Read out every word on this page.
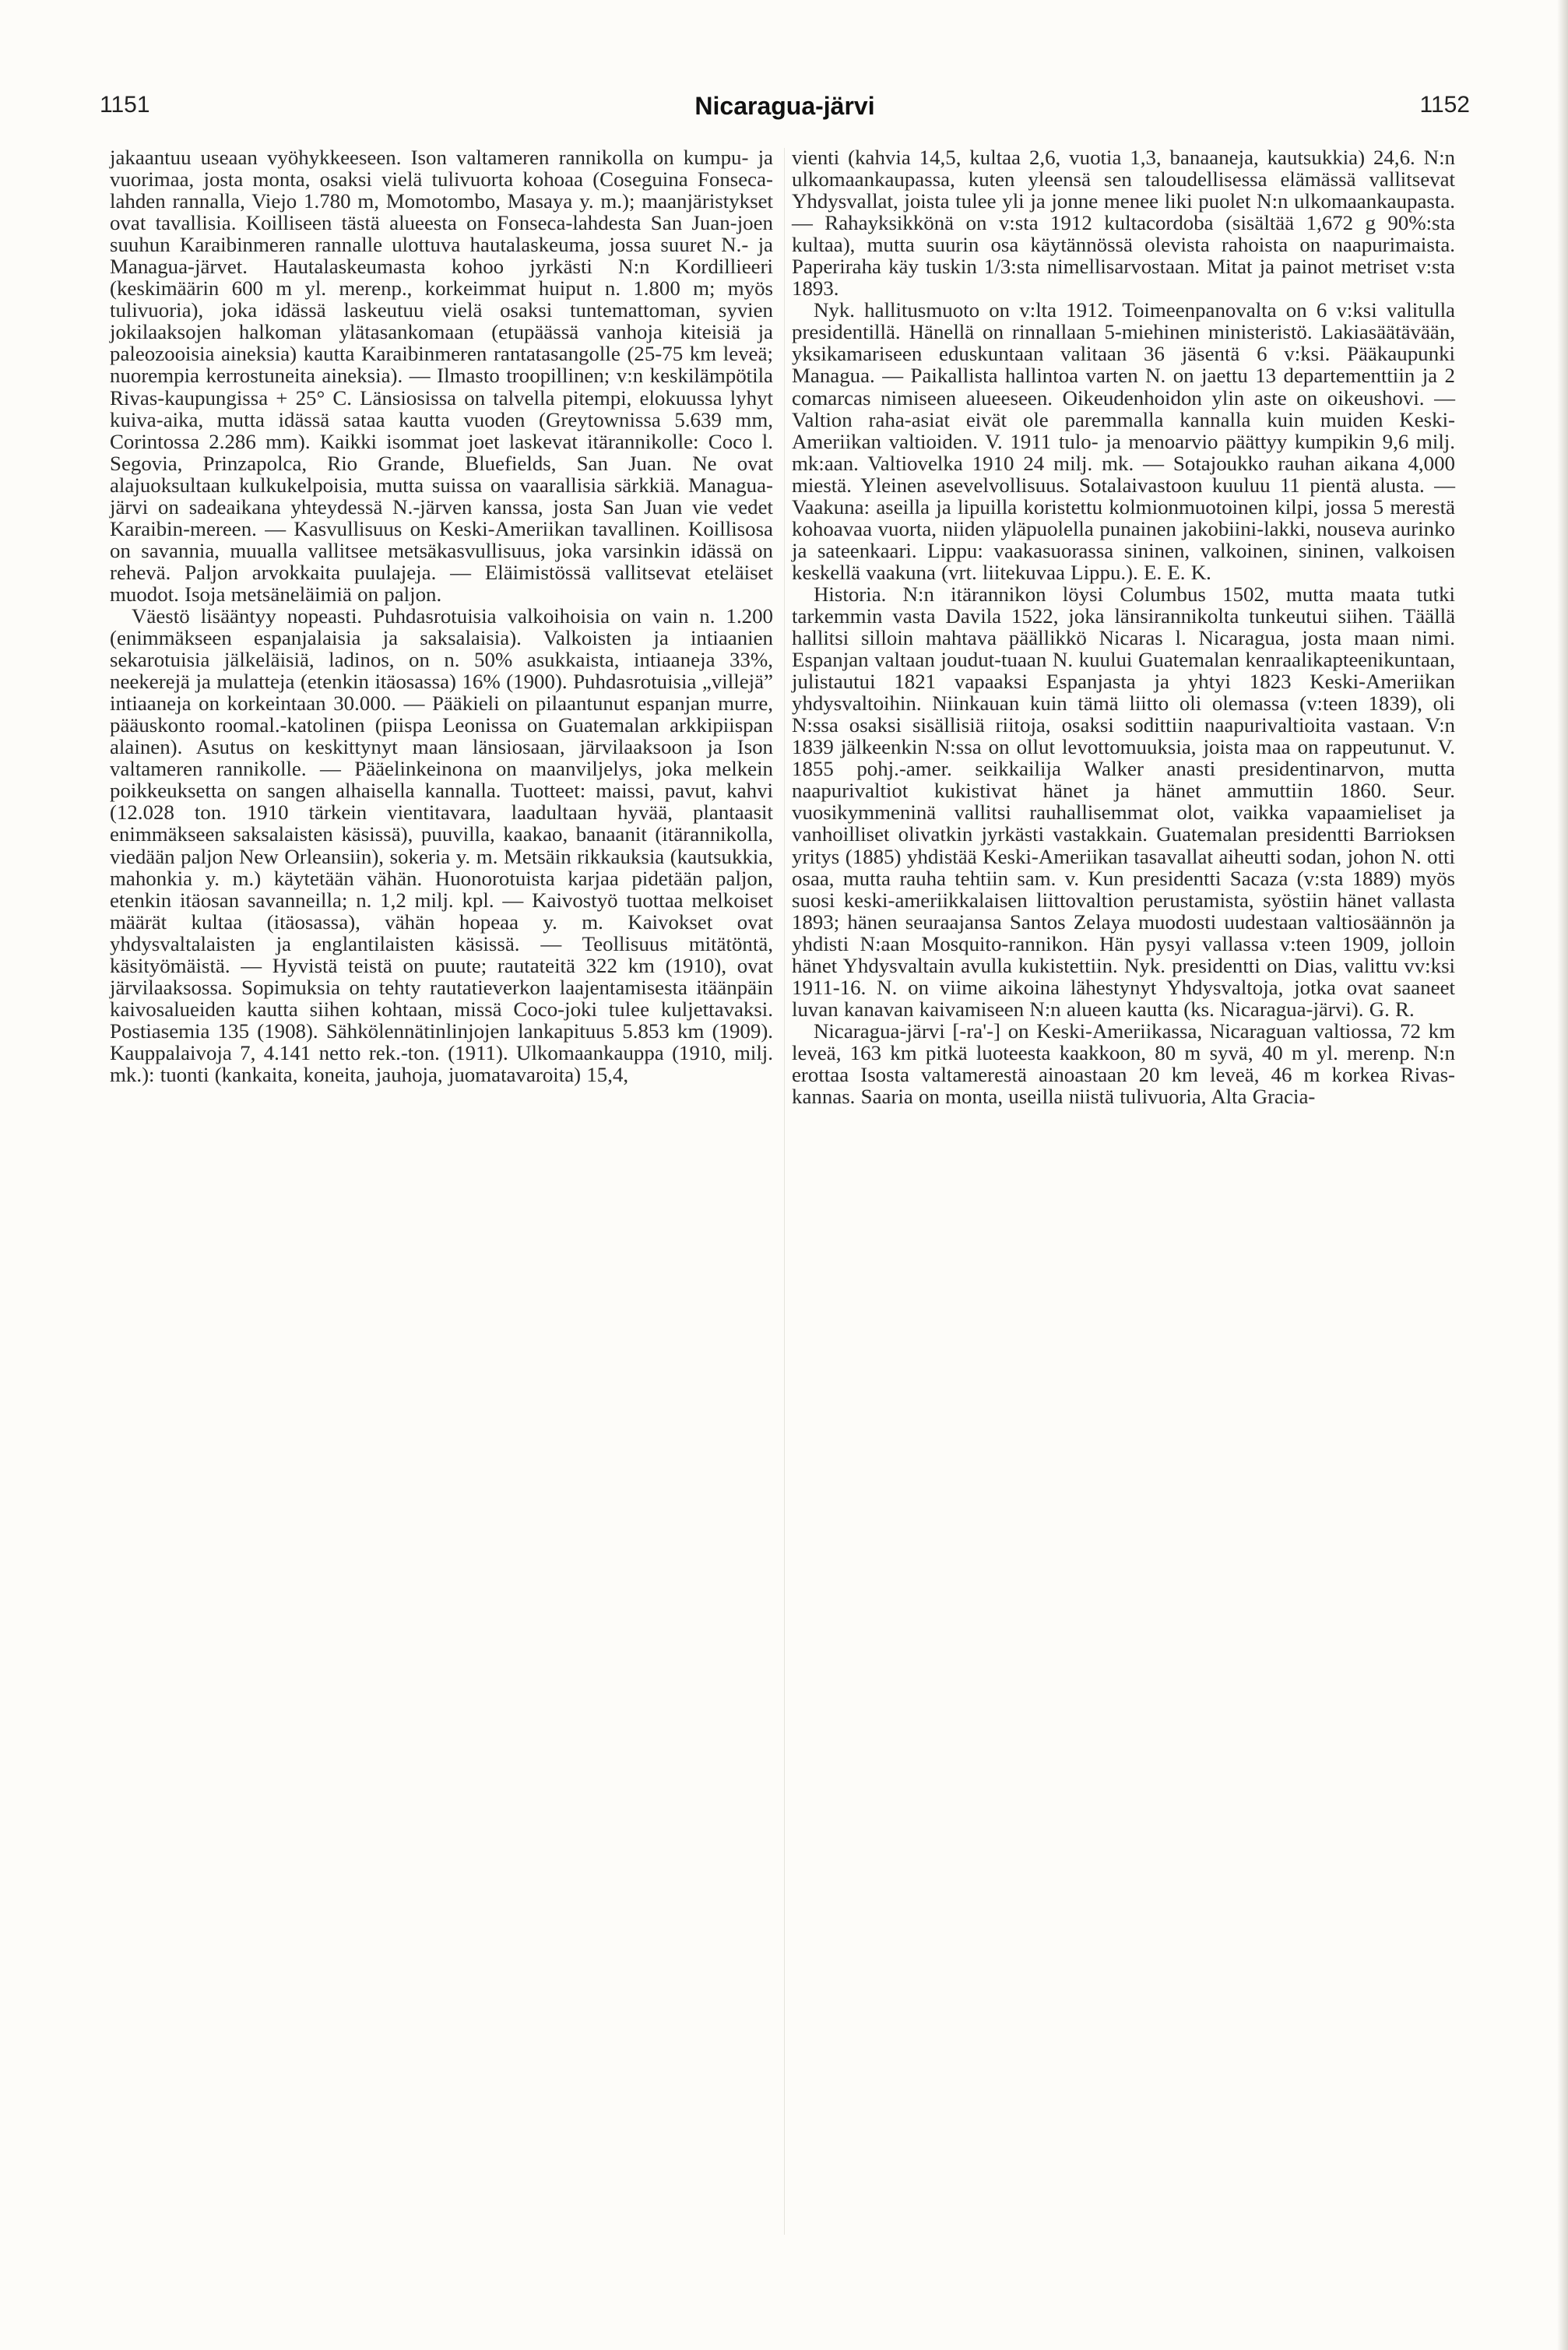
1151	Nicaragua-järvi	1152

jakaantuu useaan vyöhykkeeseen. Ison valtameren rannikolla on kumpu- ja vuorimaa, josta monta, osaksi vielä tulivuorta kohoaa (Coseguina Fonseca-lahden rannalla, Viejo 1.780 m, Momotombo, Masaya y. m.); maanjäristykset ovat tavallisia. Koilliseen tästä alueesta on Fonseca-lahdesta San Juan-joen suuhun Karaibinmeren rannalle ulottuva hautalaskeuma, jossa suuret N.- ja Managua-järvet. Hautalaskeumasta kohoo jyrkästi N:n Kordillieeri (keskimäärin 600 m yl. merenp., korkeimmat huiput n. 1.800 m; myös tulivuoria), joka idässä laskeutuu vielä osaksi tuntemattoman, syvien jokilaaksojen halkoman ylätasankomaan (etupäässä vanhoja kiteisiä ja paleozooisia aineksia) kautta Karaibinmeren rantatasangolle (25-75 km leveä; nuorempia kerrostuneita aineksia). — Ilmasto troopillinen; v:n keskilämpötila Rivas-kaupungissa + 25° C. Länsiosissa on talvella pitempi, elokuussa lyhyt kuiva-aika, mutta idässä sataa kautta vuoden (Greytownissa 5.639 mm, Corintossa 2.286 mm). Kaikki isommat joet laskevat itärannikolle: Coco l. Segovia, Prinzapolca, Rio Grande, Bluefields, San Juan. Ne ovat alajuoksultaan kulkukelpoisia, mutta suissa on vaarallisia särkkiä. Managua-järvi on sadeaikana yhteydessä N.-järven kanssa, josta San Juan vie vedet Karaibin-mereen. — Kasvullisuus on Keski-Ameriikan tavallinen. Koillisosa on savannia, muualla vallitsee metsäkasvullisuus, joka varsinkin idässä on rehevä. Paljon arvokkaita puulajeja. — Eläimistössä vallitsevat eteläiset muodot. Isoja metsäneläimiä on paljon.

Väestö lisääntyy nopeasti. Puhdasrotuisia valkoihoisia on vain n. 1.200 (enimmäkseen espanjalaisia ja saksalaisia). Valkoisten ja intiaanien sekarotuisia jälkeläisiä, ladinos, on n. 50% asukkaista, intiaaneja 33%, neekerejä ja mulatteja (etenkin itäosassa) 16% (1900). Puhdasrotuisia „villejä” intiaaneja on korkeintaan 30.000. — Pääkieli on pilaantunut espanjan murre, pääuskonto roomal.-katolinen (piispa Leonissa on Guatemalan arkkipiispan alainen). Asutus on keskittynyt maan länsiosaan, järvilaaksoon ja Ison valtameren rannikolle. — Pääelinkeinona on maanviljelys, joka melkein poikkeuksetta on sangen alhaisella kannalla. Tuotteet: maissi, pavut, kahvi (12.028 ton. 1910 tärkein vientitavara, laadultaan hyvää, plantaasit enimmäkseen saksalaisten käsissä), puuvilla, kaakao, banaanit (itärannikolla, viedään paljon New Orleansiin), sokeria y. m. Metsäin rikkauksia (kautsukkia, mahonkia y. m.) käytetään vähän. Huonorotuista karjaa pidetään paljon, etenkin itäosan savanneilla; n. 1,2 milj. kpl. — Kaivostyö tuottaa melkoiset määrät kultaa (itäosassa), vähän hopeaa y. m. Kaivokset ovat yhdysvaltalaisten ja englantilaisten käsissä. — Teollisuus mitätöntä, käsityömäistä. — Hyvistä teistä on puute; rautateitä 322 km (1910), ovat järvilaaksossa. Sopimuksia on tehty rautatieverkon laajentamisesta itäänpäin kaivosalueiden kautta siihen kohtaan, missä Coco-joki tulee kuljettavaksi. Postiasemia 135 (1908). Sähkölennätinlinjojen lankapituus 5.853 km (1909). Kauppalaivoja 7, 4.141 netto rek.-ton. (1911). Ulkomaankauppa (1910, milj. mk.): tuonti (kankaita, koneita, jauhoja, juomatavaroita) 15,4,

vienti (kahvia 14,5, kultaa 2,6, vuotia 1,3, banaaneja, kautsukkia) 24,6. N:n ulkomaankaupassa, kuten yleensä sen taloudellisessa elämässä vallitsevat Yhdysvallat, joista tulee yli ja jonne menee liki puolet N:n ulkomaankaupasta. — Rahayksikkönä on v:sta 1912 kultacordoba (sisältää 1,672 g 90%:sta kultaa), mutta suurin osa käytännössä olevista rahoista on naapurimaista. Paperiraha käy tuskin 1/3:sta nimellisarvostaan. Mitat ja painot metriset v:sta 1893.

Nyk. hallitusmuoto on v:lta 1912. Toimeenpanovalta on 6 v:ksi valitulla presidentillä. Hänellä on rinnallaan 5-miehinen ministeristö. Lakiasäätävään, yksikamariseen eduskuntaan valitaan 36 jäsentä 6 v:ksi. Pääkaupunki Managua. — Paikallista hallintoa varten N. on jaettu 13 departementtiin ja 2 comarcas nimiseen alueeseen. Oikeudenhoidon ylin aste on oikeushovi. — Valtion raha-asiat eivät ole paremmalla kannalla kuin muiden Keski-Ameriikan valtioiden. V. 1911 tulo- ja menoarvio päättyy kumpikin 9,6 milj. mk:aan. Valtiovelka 1910 24 milj. mk. — Sotajoukko rauhan aikana 4,000 miestä. Yleinen asevelvollisuus. Sotalaivastoon kuuluu 11 pientä alusta. — Vaakuna: aseilla ja lipuilla koristettu kolmionmuotoinen kilpi, jossa 5 merestä kohoavaa vuorta, niiden yläpuolella punainen jakobiini-lakki, nouseva aurinko ja sateenkaari. Lippu: vaakasuorassa sininen, valkoinen, sininen, valkoisen keskellä vaakuna (vrt. liitekuvaa Lippu.). E. E. K.

Historia. N:n itärannikon löysi Columbus 1502, mutta maata tutki tarkemmin vasta Davila 1522, joka länsirannikolta tunkeutui siihen. Täällä hallitsi silloin mahtava päällikkö Nicaras l. Nicaragua, josta maan nimi. Espanjan valtaan joudut-tuaan N. kuului Guatemalan kenraalikapteenikuntaan, julistautui 1821 vapaaksi Espanjasta ja yhtyi 1823 Keski-Ameriikan yhdysvaltoihin. Niinkauan kuin tämä liitto oli olemassa (v:teen 1839), oli N:ssa osaksi sisällisiä riitoja, osaksi sodittiin naapurivaltioita vastaan. V:n 1839 jälkeenkin N:ssa on ollut levottomuuksia, joista maa on rappeutunut. V. 1855 pohj.-amer. seikkailija Walker anasti presidentinarvon, mutta naapurivaltiot kukistivat hänet ja hänet ammuttiin 1860. Seur. vuosikymmeninä vallitsi rauhallisemmat olot, vaikka vapaamieliset ja vanhoilliset olivatkin jyrkästi vastakkain. Guatemalan presidentti Barrioksen yritys (1885) yhdistää Keski-Ameriikan tasavallat aiheutti sodan, johon N. otti osaa, mutta rauha tehtiin sam. v. Kun presidentti Sacaza (v:sta 1889) myös suosi keski-ameriikkalaisen liittovaltion perustamista, syöstiin hänet vallasta 1893; hänen seuraajansa Santos Zelaya muodosti uudestaan valtiosäännön ja yhdisti N:aan Mosquito-rannikon. Hän pysyi vallassa v:teen 1909, jolloin hänet Yhdysvaltain avulla kukistettiin. Nyk. presidentti on Dias, valittu vv:ksi 1911-16. N. on viime aikoina lähestynyt Yhdysvaltoja, jotka ovat saaneet luvan kanavan kaivamiseen N:n alueen kautta (ks. Nicaragua-järvi). G. R.

Nicaragua-järvi [-ra'-] on Keski-Ameriikassa, Nicaraguan valtiossa, 72 km leveä, 163 km pitkä luoteesta kaakkoon, 80 m syvä, 40 m yl. merenp. N:n erottaa Isosta valtamerestä ainoastaan 20 km leveä, 46 m korkea Rivas-kannas. Saaria on monta, useilla niistä tulivuoria, Alta Gracia-
